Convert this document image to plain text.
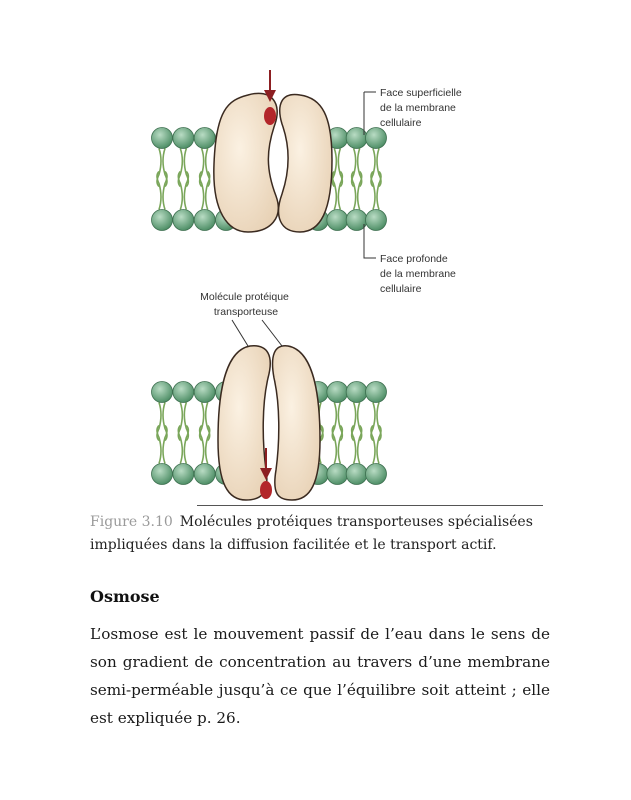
Face superficielle de la membrane cellulaire
Face profonde de la membrane cellulaire
Molécule protéique transporteuse
Figure 3.10 Molécules protéiques transporteuses spécialisées impliquées dans la diffusion facilitée et le transport actif.
Osmose

L’osmose est le mouvement passif de l’eau dans le sens de son gradient de concentration au travers d’une membrane semi-perméable jusqu’à ce que l’équilibre soit atteint ; elle est expliquée p. 26.
